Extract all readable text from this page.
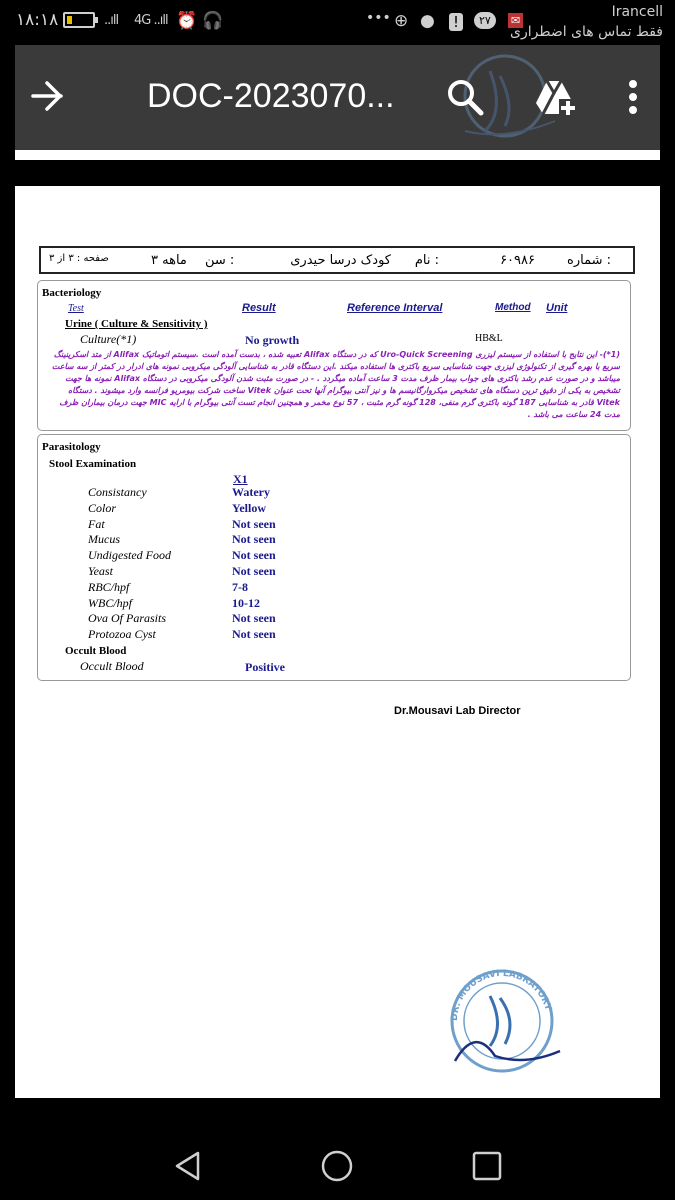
۱۸:۱۸	..ıll 4G ..ıll ⏰ 🎧	••• ⊕ ● !	۲۷	✉
Irancell
فقط تماس های اضطراری
DOC-2023070...
شماره :
۶۰۹۸۶
نام :
کودک درسا حیدری
سن :
۳ ماهه
صفحه : ۳ از ۳
Bacteriology
Test	Result	Reference Interval	Method Unit
Urine ( Culture & Sensitivity )
Culture(*1)	No growth	HB&L
(1*)- این نتایج با استفاده از سیستم لیزری Uro-Quick Screening که در دستگاه Alifax تعبیه شده ، بدست آمده است .سیستم اتوماتیک Alifax از متد اسکرینینگ سریع با بهره گیری از تکنولوژی لیزری جهت شناسایی سریع باکتری ها استفاده میکند .این دستگاه قادر به شناسایی آلودگی میکروبی نمونه های ادرار در کمتر از سه ساعت میباشد و در صورت عدم رشد باکتری های جواب بیمار ظرف مدت 3 ساعت آماده میگردد . - در صورت مثبت شدن آلودگی میکروبی در دستگاه Alifax نمونه ها جهت تشخیص به یکی از دقیق ترین دستگاه های تشخیص میکروارگانیسم ها و نیز آنتی بیوگرام آنها تحت عنوان Vitek ساخت شرکت بیومریو فرانسه وارد میشوند . دستگاه Vitek قادر به شناسایی 187 گونه باکتری گرم منفی، 128 گونه گرم مثبت ، 57 نوع مخمر و همچنین انجام تست آنتی بیوگرام با ارایه MIC جهت درمان بیماران ظرف مدت 24 ساعت می باشد .
Parasitology
Stool Examination
X1
Consistancy	Watery
Color	Yellow
Fat	Not seen
Mucus	Not seen
Undigested Food	Not seen
Yeast	Not seen
RBC/hpf	7-8
WBC/hpf	10-12
Ova Of Parasits	Not seen
Protozoa Cyst	Not seen
Occult Blood
Occult Blood	Positive
Dr.Mousavi Lab Director
DR. MOUSAVI LABRATORY
